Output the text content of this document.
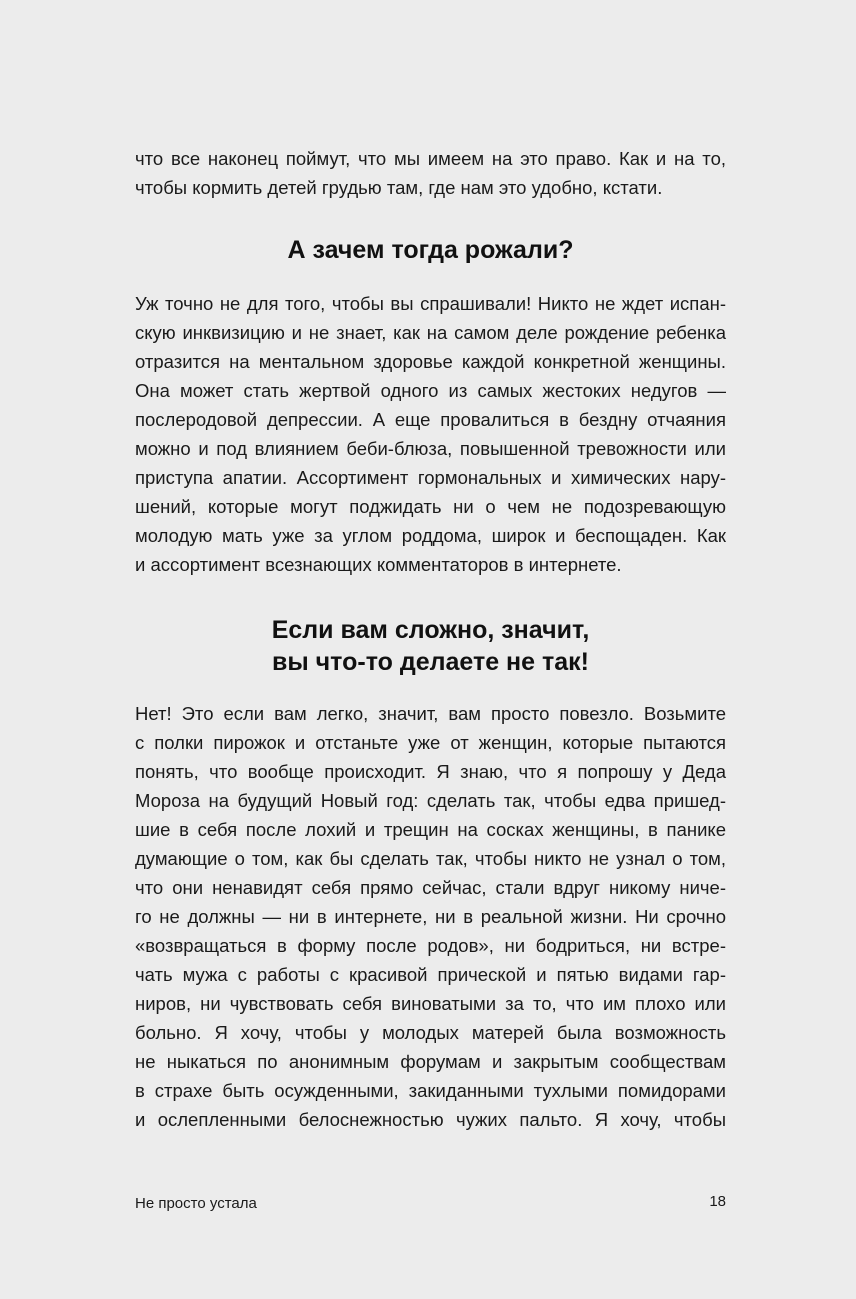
что все наконец поймут, что мы имеем на это право. Как и на то,
чтобы кормить детей грудью там, где нам это удобно, кстати.
А зачем тогда рожали?
Уж точно не для того, чтобы вы спрашивали! Никто не ждет испан-
скую инквизицию и не знает, как на самом деле рождение ребенка
отразится на ментальном здоровье каждой конкретной женщины.
Она может стать жертвой одного из самых жестоких недугов —
послеродовой депрессии. А еще провалиться в бездну отчаяния
можно и под влиянием беби-блюза, повышенной тревожности или
приступа апатии. Ассортимент гормональных и химических нару-
шений, которые могут поджидать ни о чем не подозревающую
молодую мать уже за углом роддома, широк и беспощаден. Как
и ассортимент всезнающих комментаторов в интернете.
Если вам сложно, значит,
вы что-то делаете не так!
Нет! Это если вам легко, значит, вам просто повезло. Возьмите
с полки пирожок и отстаньте уже от женщин, которые пытаются
понять, что вообще происходит. Я знаю, что я попрошу у Деда
Мороза на будущий Новый год: сделать так, чтобы едва пришед-
шие в себя после лохий и трещин на сосках женщины, в панике
думающие о том, как бы сделать так, чтобы никто не узнал о том,
что они ненавидят себя прямо сейчас, стали вдруг никому ниче-
го не должны — ни в интернете, ни в реальной жизни. Ни срочно
«возвращаться в форму после родов», ни бодриться, ни встре-
чать мужа с работы с красивой прической и пятью видами гар-
ниров, ни чувствовать себя виноватыми за то, что им плохо или
больно. Я хочу, чтобы у молодых матерей была возможность
не ныкаться по анонимным форумам и закрытым сообществам
в страхе быть осужденными, закиданными тухлыми помидорами
и ослепленными белоснежностью чужих пальто. Я хочу, чтобы
Не просто устала	18
